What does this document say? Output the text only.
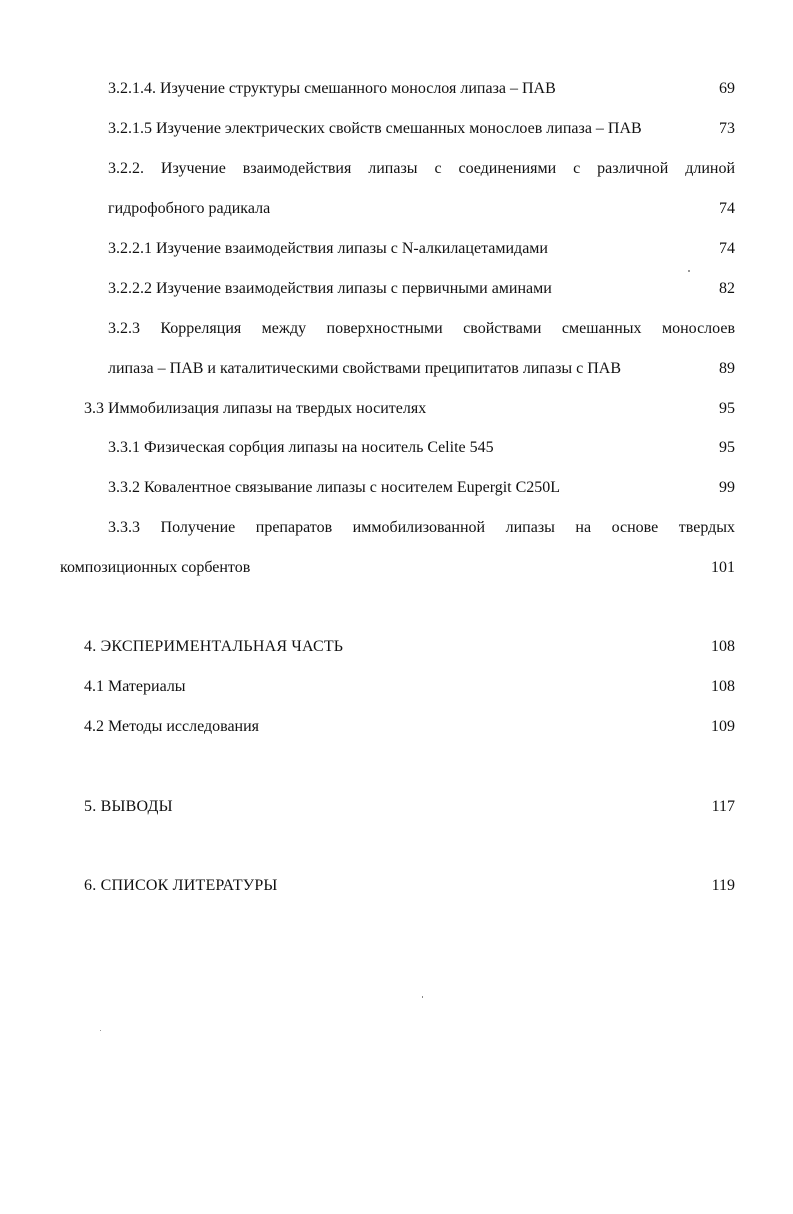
3.2.1.4. Изучение структуры смешанного монослоя липаза – ПАВ	69
3.2.1.5 Изучение электрических свойств смешанных монослоев липаза – ПАВ	73
3.2.2. Изучение взаимодействия липазы с соединениями с различной длиной
гидрофобного радикала	74
3.2.2.1 Изучение взаимодействия липазы с N-алкилацетамидами	74
3.2.2.2 Изучение взаимодействия липазы с первичными аминами	82
3.2.3 Корреляция между поверхностными свойствами смешанных монослоев
липаза – ПАВ и каталитическими свойствами преципитатов липазы с ПАВ	89
3.3 Иммобилизация липазы на твердых носителях	95
3.3.1 Физическая сорбция липазы на носитель Celite 545	95
3.3.2 Ковалентное связывание липазы с носителем Eupergit C250L	99
3.3.3 Получение препаратов иммобилизованной липазы на основе твердых
композиционных сорбентов	101
4. ЭКСПЕРИМЕНТАЛЬНАЯ ЧАСТЬ	108
4.1 Материалы	108
4.2 Методы исследования	109
5. ВЫВОДЫ	117
6. СПИСОК ЛИТЕРАТУРЫ	119
